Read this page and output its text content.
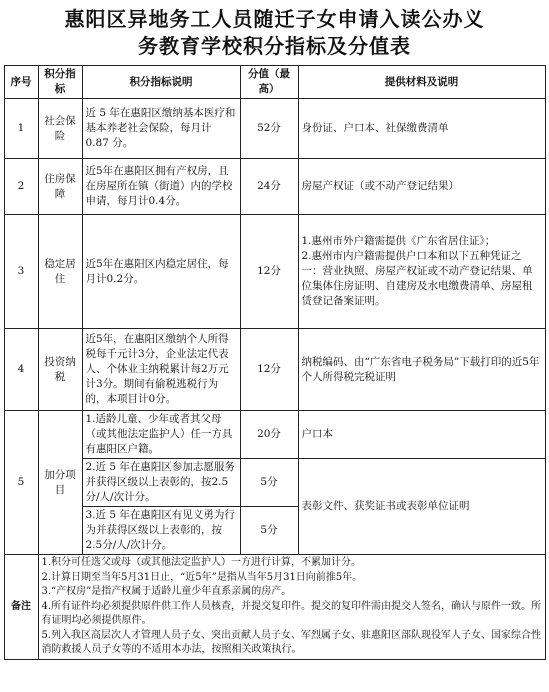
惠阳区异地务工人员随迁子女申请入读公办义
务教育学校积分指标及分值表
序号	积分指标	积分指标说明	分值（最高）	提供材料及说明
1	社会保险	近 5 年在惠阳区缴纳基本医疗和基本养老社会保险，每月计 0.87 分。	52分	身份证、户口本、社保缴费清单
2	住房保障	近5年在惠阳区拥有产权房，且在房屋所在镇（街道）内的学校申请，每月计0.4分。	24分	房屋产权证（或不动产登记结果）
3	稳定居住	近5年在惠阳区内稳定居住，每月计0.2分。	12分	1.惠州市外户籍需提供《广东省居住证》；
2.惠州市内户籍需提供户口本和以下五种凭证之一：营业执照、房屋产权证或不动产登记结果、单位集体住房证明、自建房及水电缴费清单、房屋租赁登记备案证明。
4	投资纳税	近5年，在惠阳区缴纳个人所得税每千元计3分，企业法定代表人、个体业主纳税累计每2万元计3分。期间有偷税逃税行为的，本项目计0分。	12分	纳税编码、由“广东省电子税务局”下载打印的近5年个人所得税完税证明
5	加分项目	1.适龄儿童、少年或者其父母（或其他法定监护人）任一方具有惠阳区户籍。	20分	户口本
		2.近 5 年在惠阳区参加志愿服务并获得区级以上表彰的，按2.5分/人/次计分。	5分	表彰文件、获奖证书或表彰单位证明
		3.近 5 年在惠阳区有见义勇为行为并获得区级以上表彰的，按2.5分/人/次计分。	5分	
备注	1.积分可任选父或母（或其他法定监护人）一方进行计算，不累加计分。
2.计算日期至当年5月31日止，“近5年”是指从当年5月31日向前推5年。
3.“产权房”是指产权属于适龄儿童少年直系亲属的房产。
4.所有证件均必须提供原件供工作人员核查，并提交复印件。提交的复印件需由提交人签名，确认与原件一致。所有证明均必须提供原件。
5.列入我区高层次人才管理人员子女、突出贡献人员子女、军烈属子女、驻惠阳区部队现役军人子女、国家综合性消防救援人员子女等的不适用本办法，按照相关政策执行。			
